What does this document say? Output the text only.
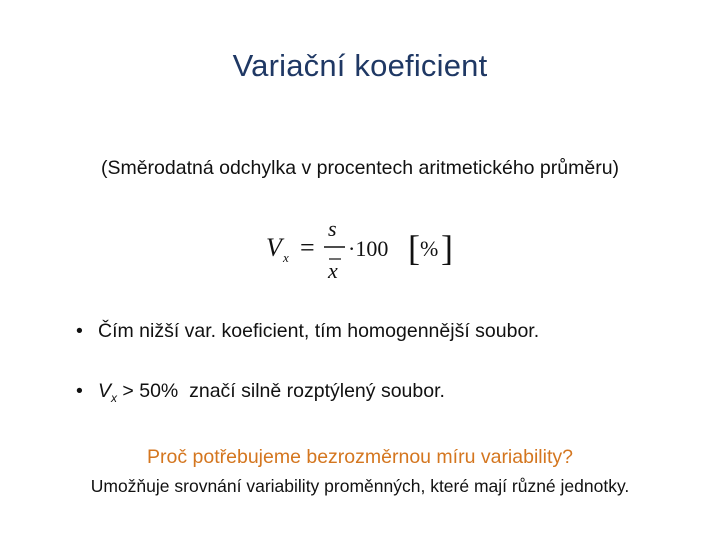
Variační koeficient
(Směrodatná odchylka v procentech aritmetického průměru)
V x =
s
x
·100 [ % ]
• Čím nižší var. koeficient, tím homogennější soubor.
• $V_x > 50\%$  značí silně rozptýlený soubor.
Proč potřebujeme bezrozměrnou míru variability?
Umožňuje srovnání variability proměnných, které mají různé jednotky.
